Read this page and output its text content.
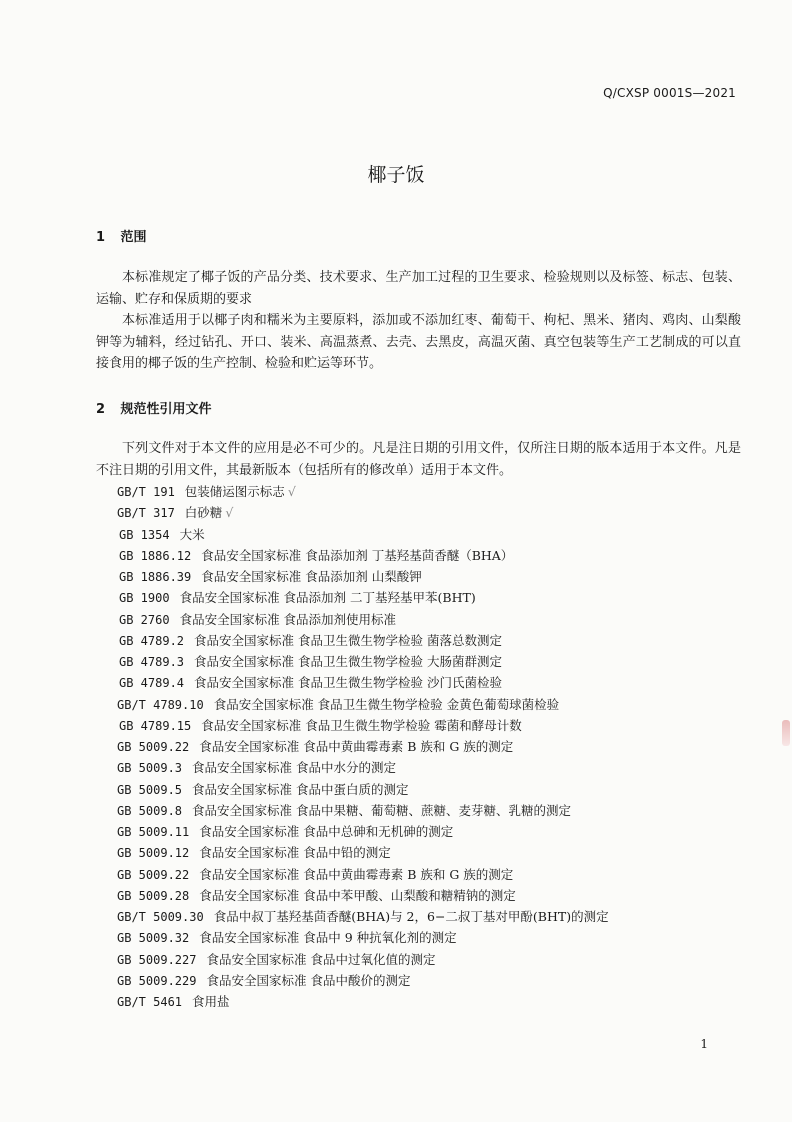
Q/CXSP 0001S—2021
椰子饭
1 范围
本标准规定了椰子饭的产品分类、技术要求、生产加工过程的卫生要求、检验规则以及标签、标志、包装、运输、贮存和保质期的要求
本标准适用于以椰子肉和糯米为主要原料，添加或不添加红枣、葡萄干、枸杞、黑米、猪肉、鸡肉、山梨酸钾等为辅料，经过钻孔、开口、装米、高温蒸煮、去壳、去黑皮，高温灭菌、真空包装等生产工艺制成的可以直接食用的椰子饭的生产控制、检验和贮运等环节。
2 规范性引用文件
下列文件对于本文件的应用是必不可少的。凡是注日期的引用文件，仅所注日期的版本适用于本文件。凡是不注日期的引用文件，其最新版本（包括所有的修改单）适用于本文件。
GB/T 191 包装储运图示标志 √
GB/T 317 白砂糖 √
GB 1354 大米
GB 1886.12 食品安全国家标准 食品添加剂 丁基羟基茴香醚（BHA）
GB 1886.39 食品安全国家标准 食品添加剂 山梨酸钾
GB 1900 食品安全国家标准 食品添加剂 二丁基羟基甲苯(BHT)
GB 2760 食品安全国家标准 食品添加剂使用标准
GB 4789.2 食品安全国家标准 食品卫生微生物学检验 菌落总数测定
GB 4789.3 食品安全国家标准 食品卫生微生物学检验 大肠菌群测定
GB 4789.4 食品安全国家标准 食品卫生微生物学检验 沙门氏菌检验
GB/T 4789.10 食品安全国家标准 食品卫生微生物学检验 金黄色葡萄球菌检验
GB 4789.15 食品安全国家标准 食品卫生微生物学检验 霉菌和酵母计数
GB 5009.22 食品安全国家标准 食品中黄曲霉毒素 B 族和 G 族的测定
GB 5009.3 食品安全国家标准 食品中水分的测定
GB 5009.5 食品安全国家标准 食品中蛋白质的测定
GB 5009.8 食品安全国家标准 食品中果糖、葡萄糖、蔗糖、麦芽糖、乳糖的测定
GB 5009.11 食品安全国家标准 食品中总砷和无机砷的测定
GB 5009.12 食品安全国家标准 食品中铅的测定
GB 5009.22 食品安全国家标准 食品中黄曲霉毒素 B 族和 G 族的测定
GB 5009.28 食品安全国家标准 食品中苯甲酸、山梨酸和糖精钠的测定
GB/T 5009.30 食品中叔丁基羟基茴香醚(BHA)与 2，6−二叔丁基对甲酚(BHT)的测定
GB 5009.32 食品安全国家标准 食品中 9 种抗氧化剂的测定
GB 5009.227 食品安全国家标准 食品中过氧化值的测定
GB 5009.229 食品安全国家标准 食品中酸价的测定
GB/T 5461 食用盐
1
